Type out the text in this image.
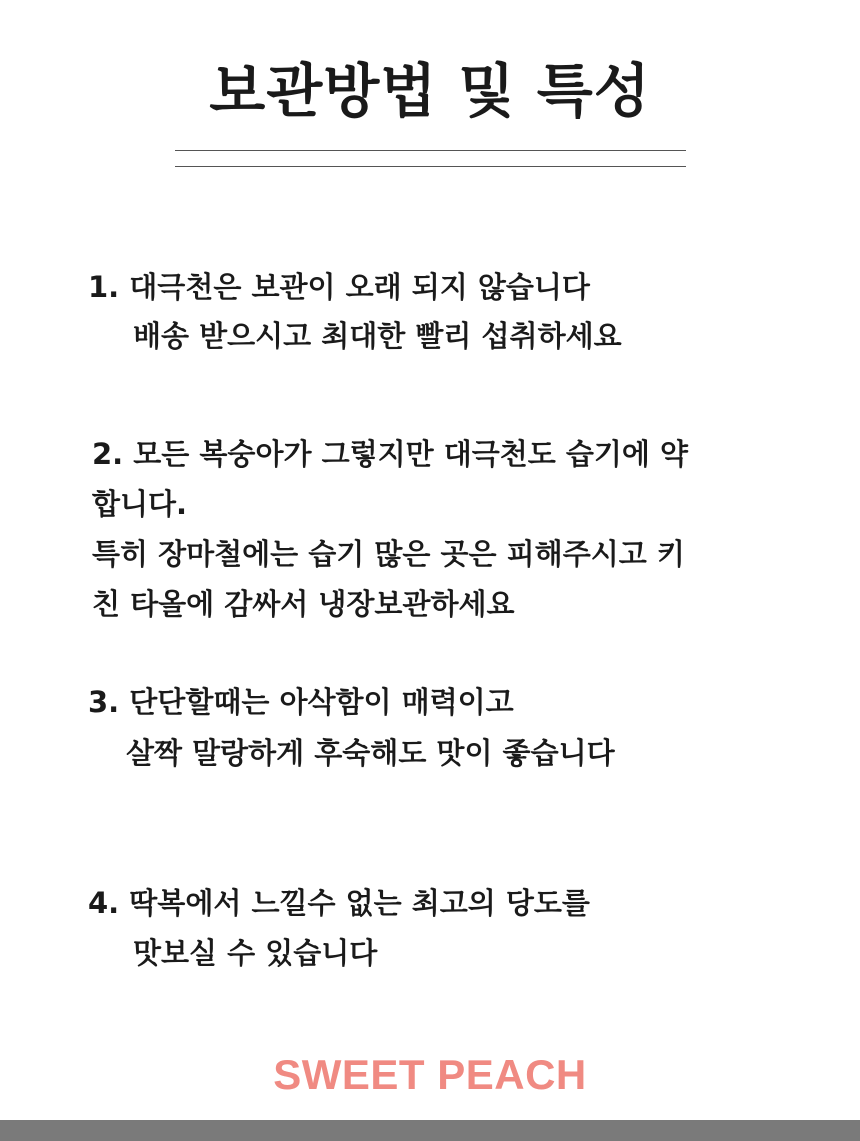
보관방법 및 특성
1. 대극천은 보관이 오래 되지 않습니다
배송 받으시고 최대한 빨리 섭취하세요
2. 모든 복숭아가 그렇지만 대극천도 습기에 약
합니다.
특히 장마철에는 습기 많은 곳은 피해주시고 키
친 타올에 감싸서 냉장보관하세요
3. 단단할때는 아삭함이 매력이고
살짝 말랑하게 후숙해도 맛이 좋습니다
4. 딱복에서 느낄수 없는 최고의 당도를
맛보실 수 있습니다
SWEET PEACH
